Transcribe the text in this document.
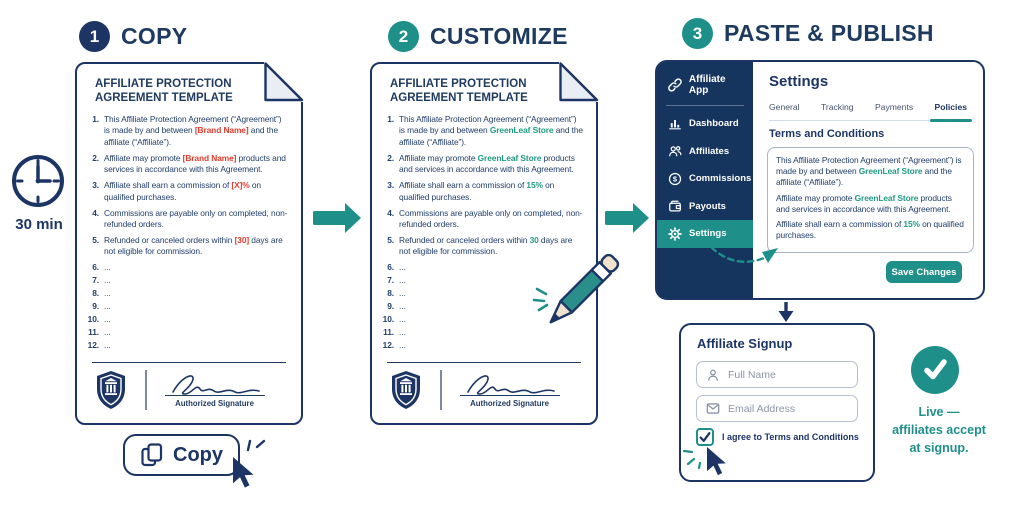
1 COPY	2 CUSTOMIZE	3 PASTE & PUBLISH
30 min
AFFILIATE PROTECTION
AGREEMENT TEMPLATE
1. This Affiliate Protection Agreement (“Agreement”) is made by and between [Brand Name] and the affiliate (“Affiliate”).
2. Affiliate may promote [Brand Name] products and services in accordance with this Agreement.
3. Affiliate shall earn a commission of [X]% on qualified purchases.
4. Commissions are payable only on completed, non-refunded orders.
5. Refunded or canceled orders within [30] days are not eligible for commission.
6. ...
7. ...
8. ...
9. ...
10. ...
11. ...
12. ...
Authorized Signature
Copy
AFFILIATE PROTECTION
AGREEMENT TEMPLATE
1. This Affiliate Protection Agreement (“Agreement”) is made by and between GreenLeaf Store and the affiliate (“Affiliate”).
2. Affiliate may promote GreenLeaf Store products and services in accordance with this Agreement.
3. Affiliate shall earn a commission of 15% on qualified purchases.
4. Commissions are payable only on completed, non-refunded orders.
5. Refunded or canceled orders within 30 days are not eligible for commission.
6. ...
7. ...
8. ...
9. ...
10. ...
11. ...
12. ...
Authorized Signature
Affiliate App
Dashboard
Affiliates
$ Commissions
Payouts
Settings
Settings
General Tracking Payments Policies
Terms and Conditions

This Affiliate Protection Agreement (“Agreement”) is made by and between GreenLeaf Store and the affiliate (“Affiliate”).

Affiliate may promote GreenLeaf Store products and services in accordance with this Agreement.

Affiliate shall earn a commission of 15% on qualified purchases.

Save Changes
Affiliate Signup
Full Name
Email Address
I agree to Terms and Conditions
Live —
affiliates accept
at signup.
